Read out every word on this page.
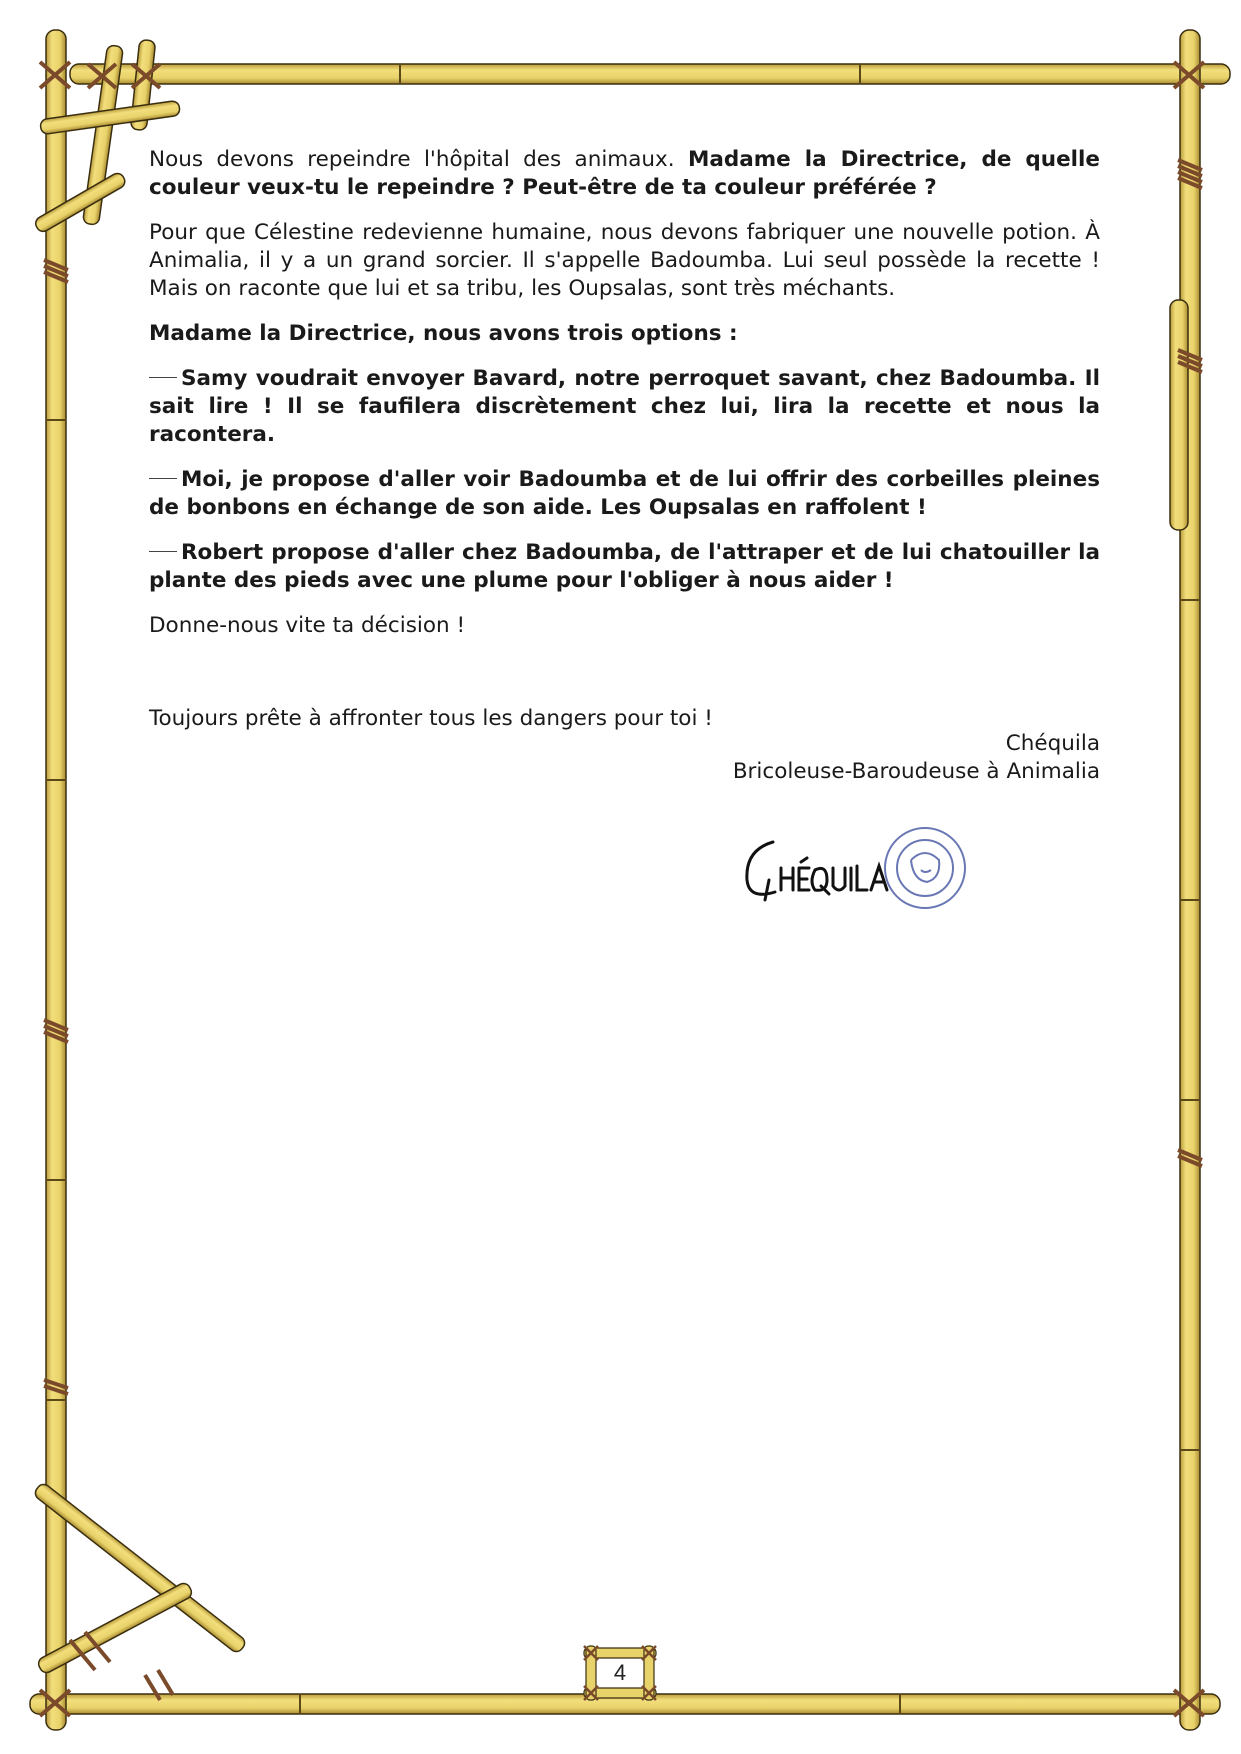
Nous devons repeindre l'hôpital des animaux. Madame la Directrice, de quelle couleur veux-tu le repeindre ? Peut-être de ta couleur préférée ?

Pour que Célestine redevienne humaine, nous devons fabriquer une nouvelle potion. À Animalia, il y a un grand sorcier. Il s'appelle Badoumba. Lui seul possède la recette ! Mais on raconte que lui et sa tribu, les Oupsalas, sont très méchants.

Madame la Directrice, nous avons trois options :

Samy voudrait envoyer Bavard, notre perroquet savant, chez Badoumba. Il sait lire ! Il se faufilera discrètement chez lui, lira la recette et nous la racontera.

Moi, je propose d'aller voir Badoumba et de lui offrir des corbeilles pleines de bonbons en échange de son aide. Les Oupsalas en raffolent !

Robert propose d'aller chez Badoumba, de l'attraper et de lui chatouiller la plante des pieds avec une plume pour l'obliger à nous aider !

Donne-nous vite ta décision !

Toujours prête à affronter tous les dangers pour toi !

Chéquila
Bricoleuse-Baroudeuse à Animalia
4
